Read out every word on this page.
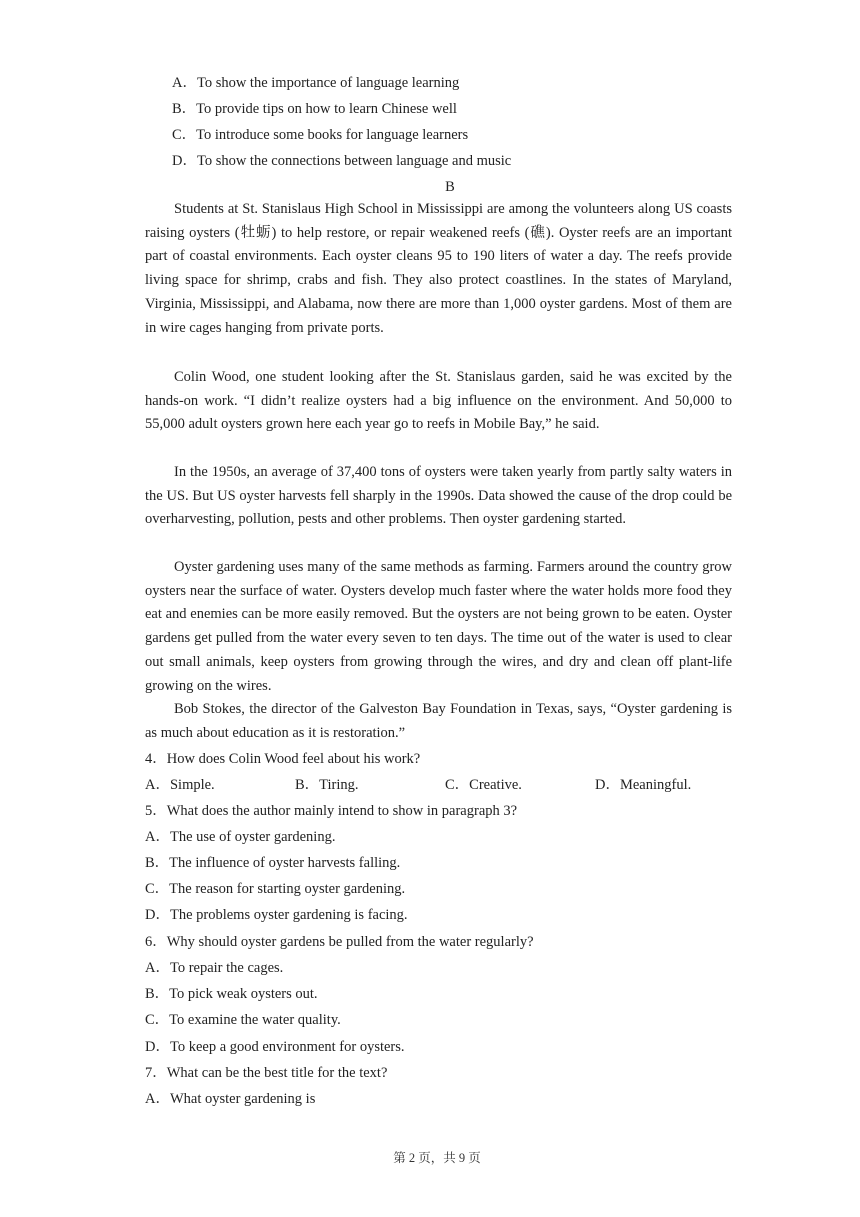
A．To show the importance of language learning
B．To provide tips on how to learn Chinese well
C．To introduce some books for language learners
D．To show the connections between language and music
B
Students at St. Stanislaus High School in Mississippi are among the volunteers along US coasts raising oysters (牡蛎) to help restore, or repair weakened reefs (礁). Oyster reefs are an important part of coastal environments. Each oyster cleans 95 to 190 liters of water a day. The reefs provide living space for shrimp, crabs and fish. They also protect coastlines. In the states of Maryland, Virginia, Mississippi, and Alabama, now there are more than 1,000 oyster gardens. Most of them are in wire cages hanging from private ports.
Colin Wood, one student looking after the St. Stanislaus garden, said he was excited by the hands-on work. “I didn’t realize oysters had a big influence on the environment. And 50,000 to 55,000 adult oysters grown here each year go to reefs in Mobile Bay,” he said.
In the 1950s, an average of 37,400 tons of oysters were taken yearly from partly salty waters in the US. But US oyster harvests fell sharply in the 1990s. Data showed the cause of the drop could be overharvesting, pollution, pests and other problems. Then oyster gardening started.
Oyster gardening uses many of the same methods as farming. Farmers around the country grow oysters near the surface of water. Oysters develop much faster where the water holds more food they eat and enemies can be more easily removed. But the oysters are not being grown to be eaten. Oyster gardens get pulled from the water every seven to ten days. The time out of the water is used to clear out small animals, keep oysters from growing through the wires, and dry and clean off plant-life growing on the wires.
Bob Stokes, the director of the Galveston Bay Foundation in Texas, says, “Oyster gardening is as much about education as it is restoration.”
4．How does Colin Wood feel about his work?
A．Simple.	B．Tiring.	C．Creative.	D．Meaningful.
5．What does the author mainly intend to show in paragraph 3?
A．The use of oyster gardening.
B．The influence of oyster harvests falling.
C．The reason for starting oyster gardening.
D．The problems oyster gardening is facing.
6．Why should oyster gardens be pulled from the water regularly?
A．To repair the cages.
B．To pick weak oysters out.
C．To examine the water quality.
D．To keep a good environment for oysters.
7．What can be the best title for the text?
A．What oyster gardening is
第 2 页，共 9 页
